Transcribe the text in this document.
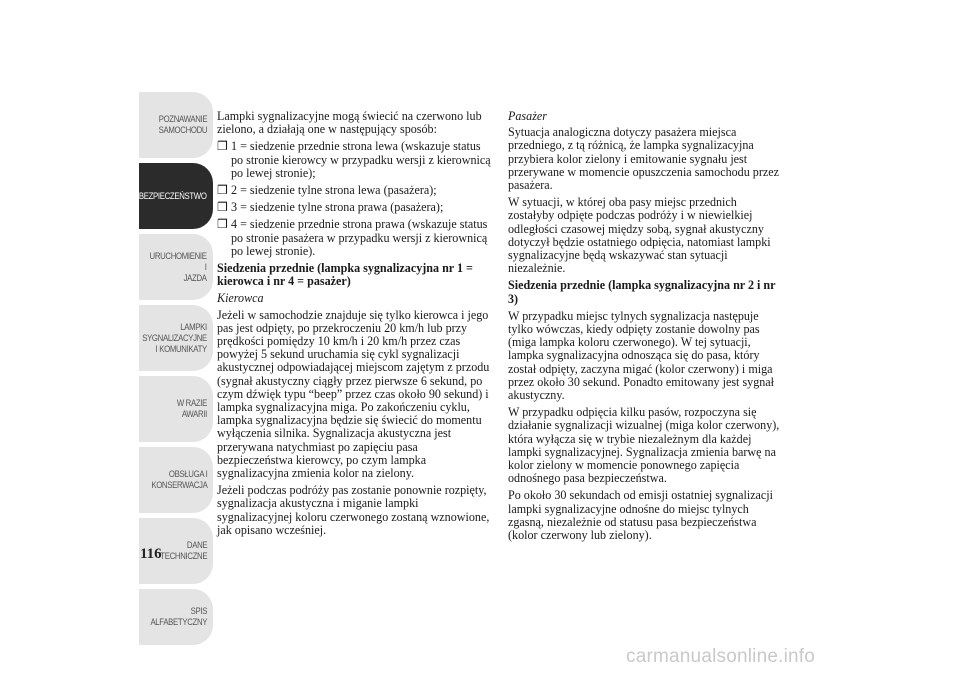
POZNAWANIE
SAMOCHODU
BEZPIECZEŃSTWO
URUCHOMIENIE I
JAZDA
LAMPKI
SYGNALIZACYJNE
I KOMUNIKATY
W RAZIE AWARII
OBSŁUGA I
KONSERWACJA
DANE
TECHNICZNE
SPIS
ALFABETYCZNY
116

Lampki sygnalizacyjne mogą świecić na czerwono lub zielono, a działają one w następujący sposób:

❒ 1 = siedzenie przednie strona lewa (wskazuje status po stronie kierowcy w przypadku wersji z kierownicą po lewej stronie);
❒ 2 = siedzenie tylne strona lewa (pasażera);
❒ 3 = siedzenie tylne strona prawa (pasażera);
❒ 4 = siedzenie przednie strona prawa (wskazuje status po stronie pasażera w przypadku wersji z kierownicą po lewej stronie).
Siedzenia przednie (lampka sygnalizacyjna nr 1 = kierowca i nr 4 = pasażer)
Kierowca

Jeżeli w samochodzie znajduje się tylko kierowca i jego pas jest odpięty, po przekroczeniu 20 km/h lub przy prędkości pomiędzy 10 km/h i 20 km/h przez czas powyżej 5 sekund uruchamia się cykl sygnalizacji akustycznej odpowiadającej miejscom zajętym z przodu (sygnał akustyczny ciągły przez pierwsze 6 sekund, po czym dźwięk typu “beep” przez czas około 90 sekund) i lampka sygnalizacyjna miga. Po zakończeniu cyklu, lampka sygnalizacyjna będzie się świecić do momentu wyłączenia silnika. Sygnalizacja akustyczna jest przerywana natychmiast po zapięciu pasa bezpieczeństwa kierowcy, po czym lampka sygnalizacyjna zmienia kolor na zielony.

Jeżeli podczas podróży pas zostanie ponownie rozpięty, sygnalizacja akustyczna i miganie lampki sygnalizacyjnej koloru czerwonego zostaną wznowione, jak opisano wcześniej.

Pasażer

Sytuacja analogiczna dotyczy pasażera miejsca przedniego, z tą różnicą, że lampka sygnalizacyjna przybiera kolor zielony i emitowanie sygnału jest przerywane w momencie opuszczenia samochodu przez pasażera.

W sytuacji, w której oba pasy miejsc przednich zostałyby odpięte podczas podróży i w niewielkiej odległości czasowej między sobą, sygnał akustyczny dotyczył będzie ostatniego odpięcia, natomiast lampki sygnalizacyjne będą wskazywać stan sytuacji niezależnie.

Siedzenia przednie (lampka sygnalizacyjna nr 2 i nr 3)

W przypadku miejsc tylnych sygnalizacja następuje tylko wówczas, kiedy odpięty zostanie dowolny pas (miga lampka koloru czerwonego). W tej sytuacji, lampka sygnalizacyjna odnosząca się do pasa, który został odpięty, zaczyna migać (kolor czerwony) i miga przez około 30 sekund. Ponadto emitowany jest sygnał akustyczny.

W przypadku odpięcia kilku pasów, rozpoczyna się działanie sygnalizacji wizualnej (miga kolor czerwony), która wyłącza się w trybie niezależnym dla każdej lampki sygnalizacyjnej. Sygnalizacja zmienia barwę na kolor zielony w momencie ponownego zapięcia odnośnego pasa bezpieczeństwa.

Po około 30 sekundach od emisji ostatniej sygnalizacji lampki sygnalizacyjne odnośne do miejsc tylnych zgasną, niezależnie od statusu pasa bezpieczeństwa (kolor czerwony lub zielony).

carmanualsonline.info
